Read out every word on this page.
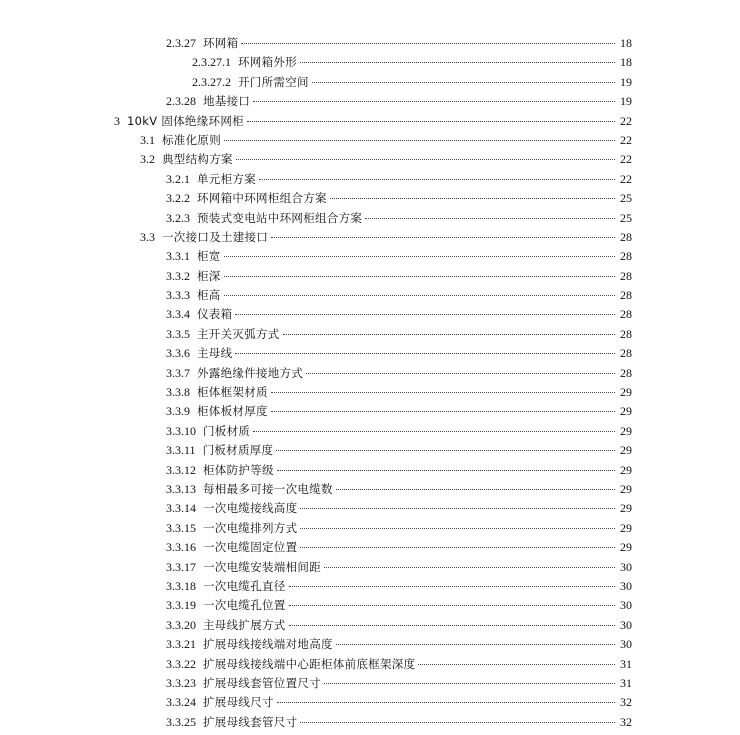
2.3.27 环网箱	18
2.3.27.1 环网箱外形	18
2.3.27.2 开门所需空间	19
2.3.28 地基接口	19
3 10kV 固体绝缘环网柜	22
3.1 标准化原则	22
3.2 典型结构方案	22
3.2.1 单元柜方案	22
3.2.2 环网箱中环网柜组合方案	25
3.2.3 预装式变电站中环网柜组合方案	25
3.3 一次接口及土建接口	28
3.3.1 柜宽	28
3.3.2 柜深	28
3.3.3 柜高	28
3.3.4 仪表箱	28
3.3.5 主开关灭弧方式	28
3.3.6 主母线	28
3.3.7 外露绝缘件接地方式	28
3.3.8 柜体框架材质	29
3.3.9 柜体板材厚度	29
3.3.10 门板材质	29
3.3.11 门板材质厚度	29
3.3.12 柜体防护等级	29
3.3.13 每相最多可接一次电缆数	29
3.3.14 一次电缆接线高度	29
3.3.15 一次电缆排列方式	29
3.3.16 一次电缆固定位置	29
3.3.17 一次电缆安装端相间距	30
3.3.18 一次电缆孔直径	30
3.3.19 一次电缆孔位置	30
3.3.20 主母线扩展方式	30
3.3.21 扩展母线接线端对地高度	30
3.3.22 扩展母线接线端中心距柜体前底框架深度	31
3.3.23 扩展母线套管位置尺寸	31
3.3.24 扩展母线尺寸	32
3.3.25 扩展母线套管尺寸	32
